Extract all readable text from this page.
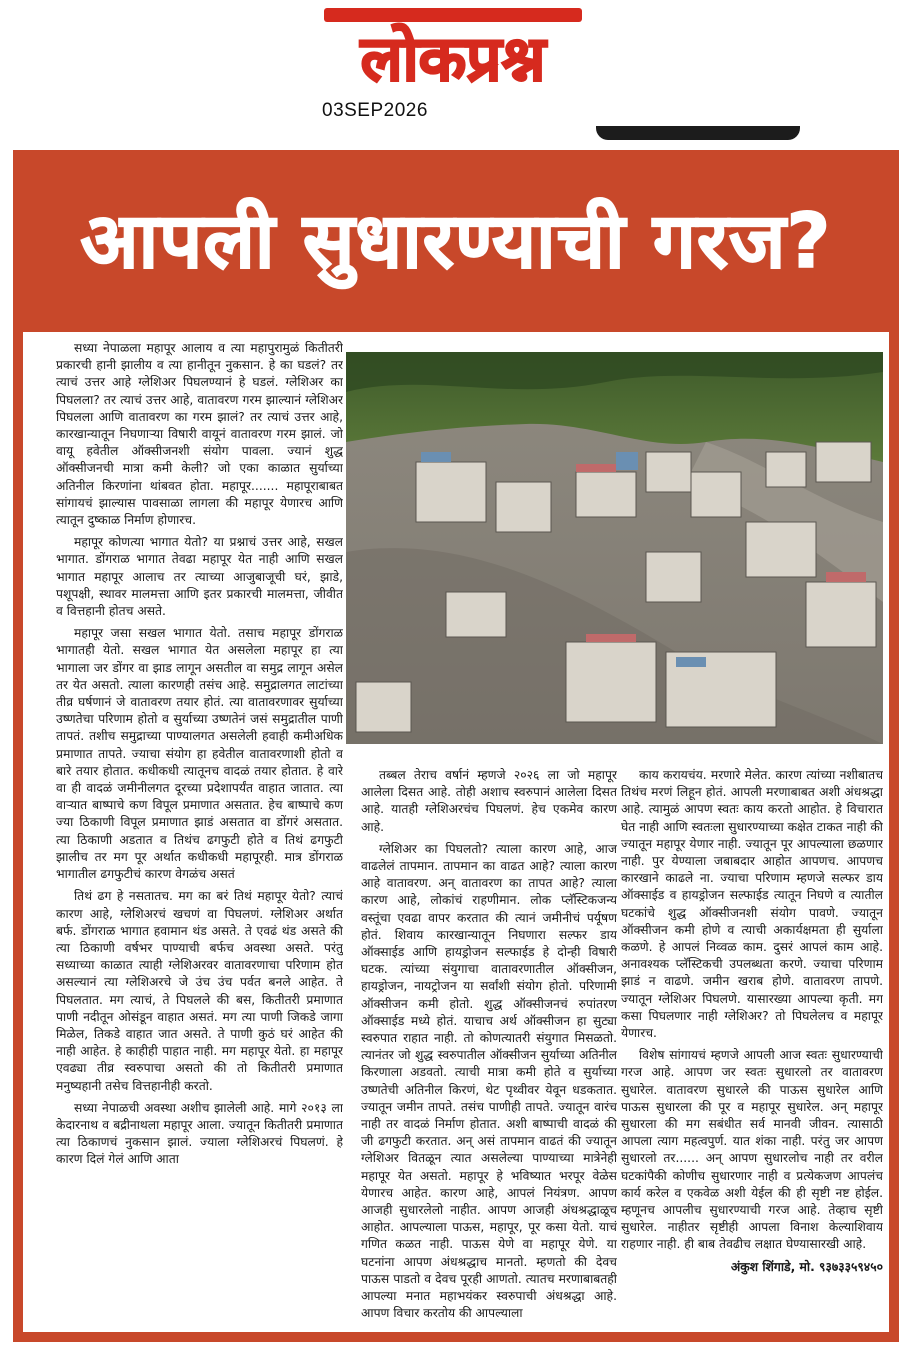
लोकप्रश्न
03SEP2026
आपली सुधारण्याची गरज?

सध्या नेपाळला महापूर आलाय व त्या महापुरामुळं कितीतरी प्रकारची हानी झालीय व त्या हानीतून नुकसान. हे का घडलं? तर त्याचं उत्तर आहे ग्लेशिअर पिघलण्यानं हे घडलं. ग्लेशिअर का पिघलला? तर त्याचं उत्तर आहे, वातावरण गरम झाल्यानं ग्लेशिअर पिघलला आणि वातावरण का गरम झालं? तर त्याचं उत्तर आहे, कारखान्यातून निघणाऱ्या विषारी वायूनं वातावरण गरम झालं. जो वायू हवेतील ऑक्सीजनशी संयोग पावला. ज्यानं शुद्ध ऑक्सीजनची मात्रा कमी केली? जो एका काळात सुर्याच्या अतिनील किरणांना थांबवत होता. महापूर....... महापूराबाबत सांगायचं झाल्यास पावसाळा लागला की महापूर येणारच आणि त्यातून दुष्काळ निर्माण होणारच.

महापूर कोणत्या भागात येतो? या प्रश्नाचं उत्तर आहे, सखल भागात. डोंगराळ भागात तेवढा महापूर येत नाही आणि सखल भागात महापूर आलाच तर त्याच्या आजुबाजूची घरं, झाडे, पशूपक्षी, स्थावर मालमत्ता आणि इतर प्रकारची मालमत्ता, जीवीत व वित्तहानी होतच असते.

महापूर जसा सखल भागात येतो. तसाच महापूर डोंगराळ भागातही येतो. सखल भागात येत असलेला महापूर हा त्या भागाला जर डोंगर वा झाड लागून असतील वा समुद्र लागून असेल तर येत असतो. त्याला कारणही तसंच आहे. समुद्रालगत लाटांच्या तीव्र घर्षणानं जे वातावरण तयार होतं. त्या वातावरणावर सुर्याच्या उष्णतेचा परिणाम होतो व सुर्याच्या उष्णतेनं जसं समुद्रातील पाणी तापतं. तशीच समुद्राच्या पाण्यालगत असलेली हवाही कमीअधिक प्रमाणात तापते. ज्याचा संयोग हा हवेतील वातावरणाशी होतो व बारे तयार होतात. कधीकधी त्यातूनच वादळं तयार होतात. हे वारे वा ही वादळं जमीनीलगत दूरच्या प्रदेशापर्यंत वाहात जातात. त्या वाऱ्यात बाष्पाचे कण विपूल प्रमाणात असतात. हेच बाष्पाचे कण ज्या ठिकाणी विपूल प्रमाणात झाडं असतात वा डोंगरं असतात. त्या ठिकाणी अडतात व तिथंच ढगफुटी होते व तिथं ढगफुटी झालीच तर मग पूर अर्थात कधीकधी महापूरही. मात्र डोंगराळ भागातील ढगफुटीचं कारण वेगळंच असतं

तिथं ढग हे नसतातच. मग का बरं तिथं महापूर येतो? त्याचं कारण आहे, ग्लेशिअरचं खचणं वा पिघलणं. ग्लेशिअर अर्थात बर्फ. डोंगराळ भागात हवामान थंड असते. ते एवढं थंड असते की त्या ठिकाणी वर्षभर पाण्याची बर्फच अवस्था असते. परंतु सध्याच्या काळात त्याही ग्लेशिअरवर वातावरणाचा परिणाम होत असल्यानं त्या ग्लेशिअरचे जे उंच उंच पर्वत बनले आहेत. ते पिघलतात. मग त्याचं, ते पिघलले की बस, कितीतरी प्रमाणात पाणी नदीतून ओसंडून वाहात असतं. मग त्या पाणी जिकडे जागा मिळेल, तिकडे वाहात जात असते. ते पाणी कुठं घरं आहेत की नाही आहेत. हे काहीही पाहात नाही. मग महापूर येतो. हा महापूर एवढ्या तीव्र स्वरुपाचा असतो की तो कितीतरी प्रमाणात मनुष्यहानी तसेच वित्तहानीही करतो.

सध्या नेपाळची अवस्था अशीच झालेली आहे. मागे २०१३ ला केदारनाथ व बद्रीनाथला महापूर आला. ज्यातून कितीतरी प्रमाणात त्या ठिकाणचं नुकसान झालं. ज्याला ग्लेशिअरचं पिघलणं. हे कारण दिलं गेलं आणि आता

तब्बल तेराच वर्षानं म्हणजे २०२६ ला जो महापूर आलेला दिसत आहे. तोही अशाच स्वरुपानं आलेला दिसत आहे. यातही ग्लेशिअरचंच पिघलणं. हेच एकमेव कारण आहे.

ग्लेशिअर का पिघलतो? त्याला कारण आहे, आज वाढलेलं तापमान. तापमान का वाढत आहे? त्याला कारण आहे वातावरण. अन् वातावरण का तापत आहे? त्याला कारण आहे, लोकांचं राहणीमान. लोक प्लॅस्टिकजन्य वस्तूंचा एवढा वापर करतात की त्यानं जमीनीचं पर्यूषण होतं. शिवाय कारखान्यातून निघणारा सल्फर डाय ऑक्साईड आणि हायड्रोजन सल्फाईड हे दोन्ही विषारी घटक. त्यांच्या संयुगाचा वातावरणातील ऑक्सीजन, हायड्रोजन, नायट्रोजन या सर्वांशी संयोग होतो. परिणामी ऑक्सीजन कमी होतो. शुद्ध ऑक्सीजनचं रुपांतरण ऑक्साईड मध्ये होतं. याचाच अर्थ ऑक्सीजन हा सुट्या स्वरुपात राहात नाही. तो कोणत्यातरी संयुगात मिसळतो. त्यानंतर जो शुद्ध स्वरुपातील ऑक्सीजन सुर्याच्या अतिनील किरणाला अडवतो. त्याची मात्रा कमी होते व सुर्याच्या उष्णतेची अतिनील किरणं, थेट पृथ्वीवर येवून धडकतात. ज्यातून जमीन तापते. तसंच पाणीही तापते. ज्यातून वारंच नाही तर वादळं निर्माण होतात. अशी बाष्पाची वादळं की जी ढगफुटी करतात. अन् असं तापमान वाढतं की ज्यातून ग्लेशिअर वितळून त्यात असलेल्या पाण्याच्या मात्रेनेही महापूर येत असतो. महापूर हे भविष्यात भरपूर वेळेस येणारच आहेत. कारण आहे, आपलं नियंत्रण. आपण आजही सुधारलेलो नाहीत. आपण आजही अंधश्रद्धाळूच आहोत. आपल्याला पाऊस, महापूर, पूर कसा येतो. याचं गणित कळत नाही. पाऊस येणे वा महापूर येणे. या घटनांना आपण अंधश्रद्धाच मानतो. म्हणतो की देवच पाऊस पाडतो व देवच पूरही आणतो. त्यातच मरणाबाबतही आपल्या मनात महाभयंकर स्वरुपाची अंधश्रद्धा आहे. आपण विचार करतोय की आपल्याला

काय करायचंय. मरणारे मेलेत. कारण त्यांच्या नशीबातच तिथंच मरणं लिहून होतं. आपली मरणाबाबत अशी अंधश्रद्धा आहे. त्यामुळं आपण स्वतः काय करतो आहोत. हे विचारात घेत नाही आणि स्वतःला सुधारण्याच्या कक्षेत टाकत नाही की ज्यातून महापूर येणार नाही. ज्यातून पूर आपल्याला छळणार नाही. पुर येण्याला जबाबदार आहोत आपणच. आपणच कारखाने काढले ना. ज्याचा परिणाम म्हणजे सल्फर डाय ऑक्साईड व हायड्रोजन सल्फाईड त्यातून निघणे व त्यातील घटकांचे शुद्ध ऑक्सीजनशी संयोग पावणे. ज्यातून ऑक्सीजन कमी होणे व त्याची अकार्यक्षमता ही सुर्याला कळणे. हे आपलं निव्वळ काम. दुसरं आपलं काम आहे. अनावश्यक प्लॅस्टिकची उपलब्धता करणे. ज्याचा परिणाम झाडं न वाढणे. जमीन खराब होणे. वातावरण तापणे. ज्यातून ग्लेशिअर पिघलणे. यासारख्या आपल्या कृती. मग कसा पिघलणार नाही ग्लेशिअर? तो पिघलेलच व महापूर येणारच.

विशेष सांगायचं म्हणजे आपली आज स्वतः सुधारण्याची गरज आहे. आपण जर स्वतः सुधारलो तर वातावरण सुधारेल. वातावरण सुधारले की पाऊस सुधारेल आणि पाऊस सुधारला की पूर व महापूर सुधारेल. अन् महापूर सुधारला की मग सबंधीत सर्व मानवी जीवन. त्यासाठी आपला त्याग महत्वपुर्ण. यात शंका नाही. परंतु जर आपण सुधारलो तर...... अन् आपण सुधारलोच नाही तर वरील घटकांपैकी कोणीच सुधारणार नाही व प्रत्येकजण आपलंच कार्य करेल व एकवेळ अशी येईल की ही सृष्टी नष्ट होईल. म्हणूनच आपलीच सुधारण्याची गरज आहे. तेव्हाच सृष्टी सुधारेल. नाहीतर सृष्टीही आपला विनाश केल्याशिवाय राहणार नाही. ही बाब तेवढीच लक्षात घेण्यासारखी आहे.

अंकुश शिंगाडे, मो. ९३७३३५९४५०
